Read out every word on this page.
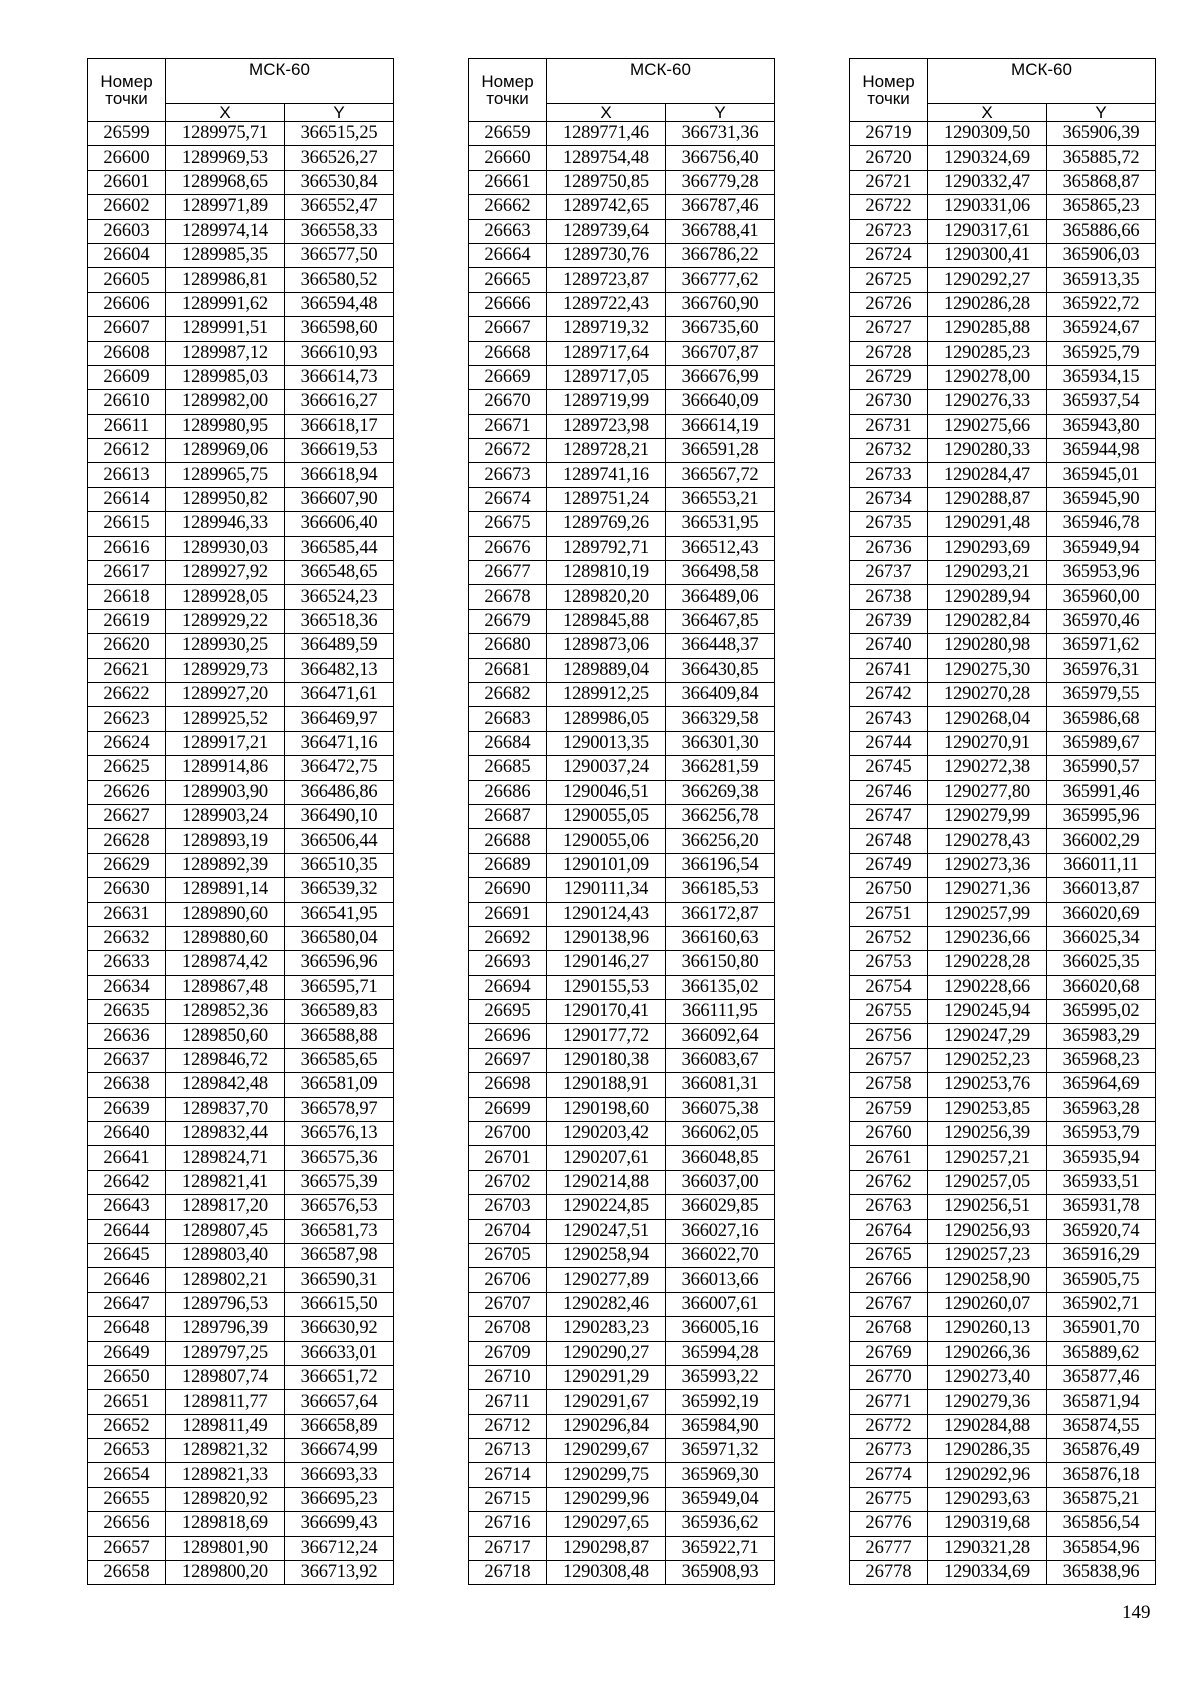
Номер
точки	МСК-60	
	X	Y
26599	1289975,71	366515,25
26600	1289969,53	366526,27
26601	1289968,65	366530,84
26602	1289971,89	366552,47
26603	1289974,14	366558,33
26604	1289985,35	366577,50
26605	1289986,81	366580,52
26606	1289991,62	366594,48
26607	1289991,51	366598,60
26608	1289987,12	366610,93
26609	1289985,03	366614,73
26610	1289982,00	366616,27
26611	1289980,95	366618,17
26612	1289969,06	366619,53
26613	1289965,75	366618,94
26614	1289950,82	366607,90
26615	1289946,33	366606,40
26616	1289930,03	366585,44
26617	1289927,92	366548,65
26618	1289928,05	366524,23
26619	1289929,22	366518,36
26620	1289930,25	366489,59
26621	1289929,73	366482,13
26622	1289927,20	366471,61
26623	1289925,52	366469,97
26624	1289917,21	366471,16
26625	1289914,86	366472,75
26626	1289903,90	366486,86
26627	1289903,24	366490,10
26628	1289893,19	366506,44
26629	1289892,39	366510,35
26630	1289891,14	366539,32
26631	1289890,60	366541,95
26632	1289880,60	366580,04
26633	1289874,42	366596,96
26634	1289867,48	366595,71
26635	1289852,36	366589,83
26636	1289850,60	366588,88
26637	1289846,72	366585,65
26638	1289842,48	366581,09
26639	1289837,70	366578,97
26640	1289832,44	366576,13
26641	1289824,71	366575,36
26642	1289821,41	366575,39
26643	1289817,20	366576,53
26644	1289807,45	366581,73
26645	1289803,40	366587,98
26646	1289802,21	366590,31
26647	1289796,53	366615,50
26648	1289796,39	366630,92
26649	1289797,25	366633,01
26650	1289807,74	366651,72
26651	1289811,77	366657,64
26652	1289811,49	366658,89
26653	1289821,32	366674,99
26654	1289821,33	366693,33
26655	1289820,92	366695,23
26656	1289818,69	366699,43
26657	1289801,90	366712,24
26658	1289800,20	366713,92
Номер
точки	МСК-60	
	X	Y
26659	1289771,46	366731,36
26660	1289754,48	366756,40
26661	1289750,85	366779,28
26662	1289742,65	366787,46
26663	1289739,64	366788,41
26664	1289730,76	366786,22
26665	1289723,87	366777,62
26666	1289722,43	366760,90
26667	1289719,32	366735,60
26668	1289717,64	366707,87
26669	1289717,05	366676,99
26670	1289719,99	366640,09
26671	1289723,98	366614,19
26672	1289728,21	366591,28
26673	1289741,16	366567,72
26674	1289751,24	366553,21
26675	1289769,26	366531,95
26676	1289792,71	366512,43
26677	1289810,19	366498,58
26678	1289820,20	366489,06
26679	1289845,88	366467,85
26680	1289873,06	366448,37
26681	1289889,04	366430,85
26682	1289912,25	366409,84
26683	1289986,05	366329,58
26684	1290013,35	366301,30
26685	1290037,24	366281,59
26686	1290046,51	366269,38
26687	1290055,05	366256,78
26688	1290055,06	366256,20
26689	1290101,09	366196,54
26690	1290111,34	366185,53
26691	1290124,43	366172,87
26692	1290138,96	366160,63
26693	1290146,27	366150,80
26694	1290155,53	366135,02
26695	1290170,41	366111,95
26696	1290177,72	366092,64
26697	1290180,38	366083,67
26698	1290188,91	366081,31
26699	1290198,60	366075,38
26700	1290203,42	366062,05
26701	1290207,61	366048,85
26702	1290214,88	366037,00
26703	1290224,85	366029,85
26704	1290247,51	366027,16
26705	1290258,94	366022,70
26706	1290277,89	366013,66
26707	1290282,46	366007,61
26708	1290283,23	366005,16
26709	1290290,27	365994,28
26710	1290291,29	365993,22
26711	1290291,67	365992,19
26712	1290296,84	365984,90
26713	1290299,67	365971,32
26714	1290299,75	365969,30
26715	1290299,96	365949,04
26716	1290297,65	365936,62
26717	1290298,87	365922,71
26718	1290308,48	365908,93
Номер
точки	МСК-60	
	X	Y
26719	1290309,50	365906,39
26720	1290324,69	365885,72
26721	1290332,47	365868,87
26722	1290331,06	365865,23
26723	1290317,61	365886,66
26724	1290300,41	365906,03
26725	1290292,27	365913,35
26726	1290286,28	365922,72
26727	1290285,88	365924,67
26728	1290285,23	365925,79
26729	1290278,00	365934,15
26730	1290276,33	365937,54
26731	1290275,66	365943,80
26732	1290280,33	365944,98
26733	1290284,47	365945,01
26734	1290288,87	365945,90
26735	1290291,48	365946,78
26736	1290293,69	365949,94
26737	1290293,21	365953,96
26738	1290289,94	365960,00
26739	1290282,84	365970,46
26740	1290280,98	365971,62
26741	1290275,30	365976,31
26742	1290270,28	365979,55
26743	1290268,04	365986,68
26744	1290270,91	365989,67
26745	1290272,38	365990,57
26746	1290277,80	365991,46
26747	1290279,99	365995,96
26748	1290278,43	366002,29
26749	1290273,36	366011,11
26750	1290271,36	366013,87
26751	1290257,99	366020,69
26752	1290236,66	366025,34
26753	1290228,28	366025,35
26754	1290228,66	366020,68
26755	1290245,94	365995,02
26756	1290247,29	365983,29
26757	1290252,23	365968,23
26758	1290253,76	365964,69
26759	1290253,85	365963,28
26760	1290256,39	365953,79
26761	1290257,21	365935,94
26762	1290257,05	365933,51
26763	1290256,51	365931,78
26764	1290256,93	365920,74
26765	1290257,23	365916,29
26766	1290258,90	365905,75
26767	1290260,07	365902,71
26768	1290260,13	365901,70
26769	1290266,36	365889,62
26770	1290273,40	365877,46
26771	1290279,36	365871,94
26772	1290284,88	365874,55
26773	1290286,35	365876,49
26774	1290292,96	365876,18
26775	1290293,63	365875,21
26776	1290319,68	365856,54
26777	1290321,28	365854,96
26778	1290334,69	365838,96
149
